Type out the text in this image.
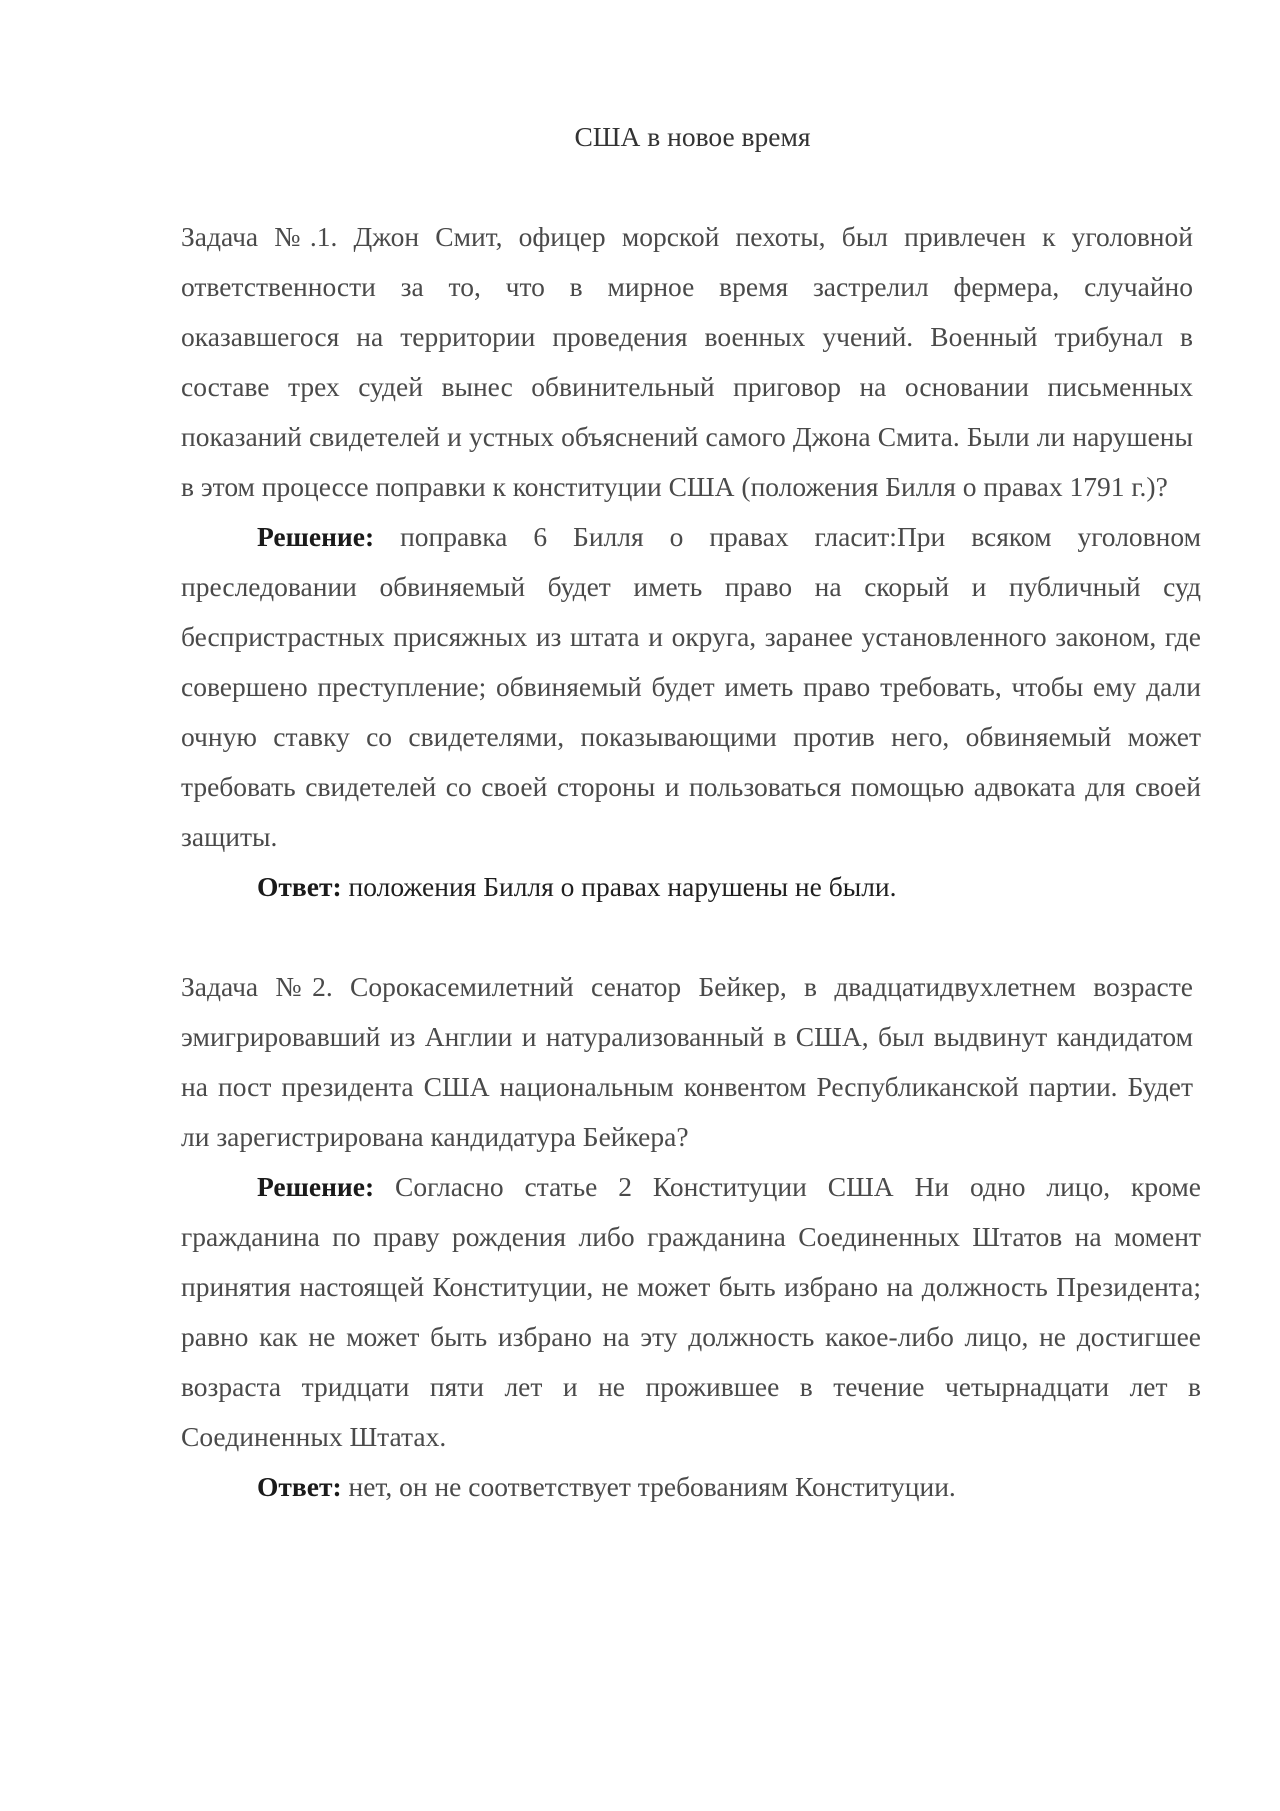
США в новое время

Задача №.1. Джон Смит, офицер морской пехоты, был привлечен к уголовной ответственности за то, что в мирное время застрелил фермера, случайно оказавшегося на территории проведения военных учений. Военный трибунал в составе трех судей вынес обвинительный приговор на основании письменных показаний свидетелей и устных объяснений самого Джона Смита. Были ли нарушены в этом процессе поправки к конституции США (положения Билля о правах 1791 г.)?

Решение: поправка 6 Билля о правах гласит:При всяком уголовном преследовании обвиняемый будет иметь право на скорый и публичный суд беспристрастных присяжных из штата и округа, заранее установленного законом, где совершено преступление; обвиняемый будет иметь право требовать, чтобы ему дали очную ставку со свидетелями, показывающими против него, обвиняемый может требовать свидетелей со своей стороны и пользоваться помощью адвоката для своей защиты.

Ответ: положения Билля о правах нарушены не были.

Задача №2. Сорокасемилетний сенатор Бейкер, в двадцатидвухлетнем возрасте эмигрировавший из Англии и натурализованный в США, был выдвинут кандидатом на пост президента США национальным конвентом Республиканской партии. Будет ли зарегистрирована кандидатура Бейкера?

Решение: Согласно статье 2 Конституции США Ни одно лицо, кроме гражданина по праву рождения либо гражданина Соединенных Штатов на момент принятия настоящей Конституции, не может быть избрано на должность Президента; равно как не может быть избрано на эту должность какое-либо лицо, не достигшее возраста тридцати пяти лет и не прожившее в течение четырнадцати лет в Соединенных Штатах.

Ответ: нет, он не соответствует требованиям Конституции.
